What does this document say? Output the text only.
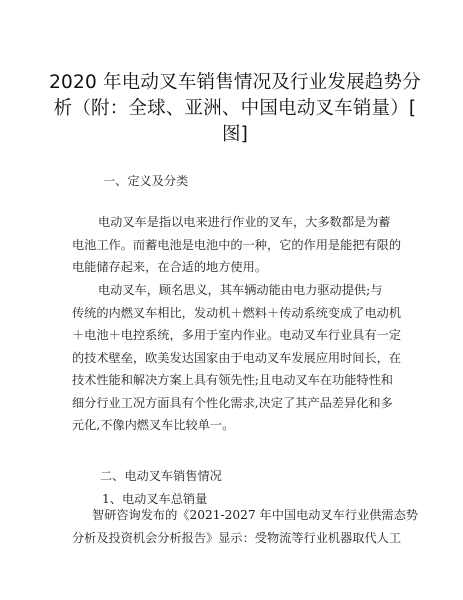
2020 年电动叉车销售情况及行业发展趋势分
析（附：全球、亚洲、中国电动叉车销量）[
图]
一、定义及分类
电动叉车是指以电来进行作业的叉车，大多数都是为蓄
电池工作。而蓄电池是电池中的一种，它的作用是能把有限的
电能储存起来，在合适的地方使用。
电动叉车，顾名思义，其车辆动能由电力驱动提供;与
传统的内燃叉车相比，发动机＋燃料＋传动系统变成了电动机
＋电池＋电控系统，多用于室内作业。电动叉车行业具有一定
的技术壁垒，欧美发达国家由于电动叉车发展应用时间长，在
技术性能和解决方案上具有领先性;且电动叉车在功能特性和
细分行业工况方面具有个性化需求,决定了其产品差异化和多
元化,不像内燃叉车比较单一。
二、电动叉车销售情况
1、电动叉车总销量
智研咨询发布的《2021-2027 年中国电动叉车行业供需态势
分析及投资机会分析报告》显示：受物流等行业机器取代人工
